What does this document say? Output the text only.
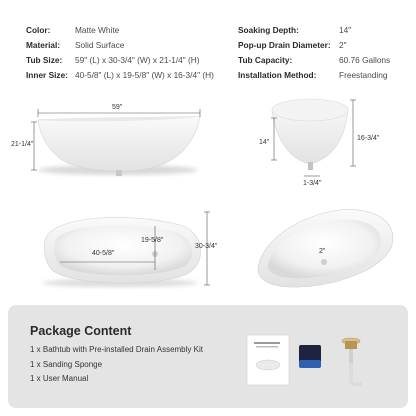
Color:	Matte White
Material: Solid Surface
Tub Size: 59" (L) x 30-3/4" (W) x 21-1/4" (H)
Inner Size: 40-5/8" (L) x 19-5/8" (W) x 16-3/4" (H)
Soaking Depth:	14"
Pop-up Drain Diameter: 2"
Tub Capacity:	60.76 Gallons
Installation Method:	Freestanding
59"
21-1/4"	14"
16-3/4"
1-3/4"
40-5/8"
19-5/8"
30-3/4"
2"
Package Content
1 x Bathtub with Pre-installed Drain Assembly Kit
1 x Sanding Sponge
1 x User Manual
